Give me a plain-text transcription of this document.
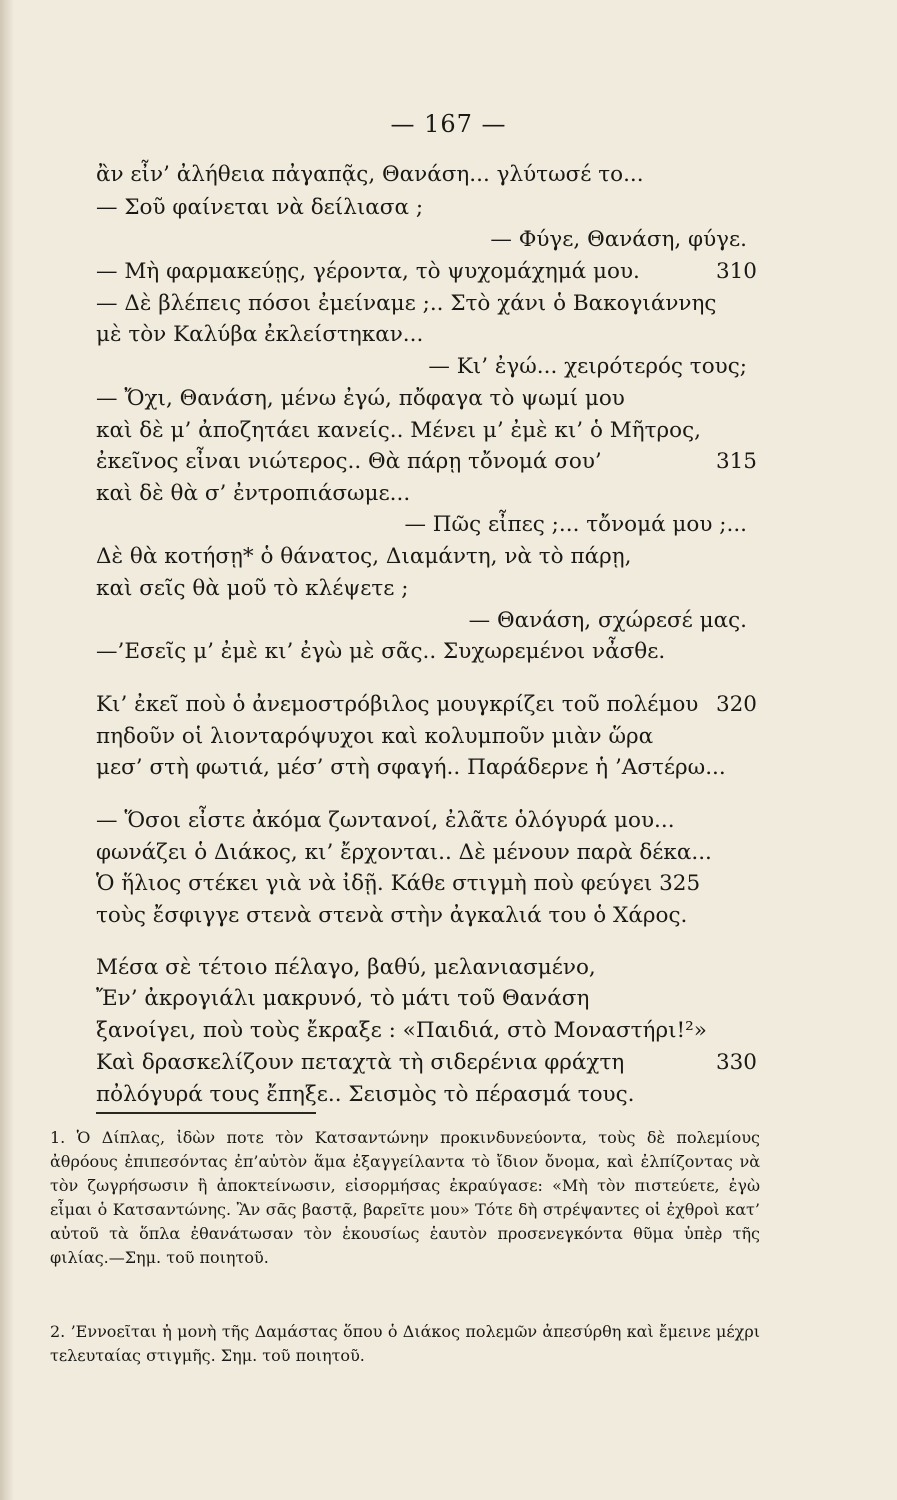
— 167 —
ἂν εἶν’ ἀλήθεια πἀγαπᾷς, Θανάση... γλύτωσέ το...
— Σοῦ φαίνεται νὰ δείλιασα ;
— Φύγε, Θανάση, φύγε.
— Μὴ φαρμακεύῃς, γέροντα, τὸ ψυχομάχημά μου.	310
— Δὲ βλέπεις πόσοι ἐμείναμε ;.. Στὸ χάνι ὁ Βακογιάννης
μὲ τὸν Καλύβα ἐκλείστηκαν...
— Κι’ ἐγώ... χειρότερός τους;
— Ὄχι, Θανάση, μένω ἐγώ, πὄφαγα τὸ ψωμί μου
καὶ δὲ μ’ ἀποζητάει κανείς.. Μένει μ’ ἐμὲ κι’ ὁ Μῆτρος,
ἐκεῖνος εἶναι νιώτερος.. Θὰ πάρῃ τὄνομά σου’	315
καὶ δὲ θὰ σ’ ἐντροπιάσωμε...
— Πῶς εἶπες ;... τὄνομά μου ;...
Δὲ θὰ κοτήσῃ* ὁ θάνατος, Διαμάντη, νὰ τὸ πάρῃ,
καὶ σεῖς θὰ μοῦ τὸ κλέψετε ;
— Θανάση, σχώρεσέ μας.
—’Εσεῖς μ’ ἐμὲ κι’ ἐγὼ μὲ σᾶς.. Συχωρεμένοι νἆσθε.
Κι’ ἐκεῖ ποὺ ὁ ἀνεμοστρόβιλος μουγκρίζει τοῦ πολέμου 320
πηδοῦν οἱ λιονταρόψυχοι καὶ κολυμποῦν μιὰν ὥρα
μεσ’ στὴ φωτιά, μέσ’ στὴ σφαγή.. Παράδερνε ἡ ’Αστέρω...
— Ὅσοι εἶστε ἀκόμα ζωντανοί, ἐλᾶτε ὁλόγυρά μου...
φωνάζει ὁ Διάκος, κι’ ἔρχονται.. Δὲ μένουν παρὰ δέκα...
Ὁ ἥλιος στέκει γιὰ νὰ ἰδῇ. Κάθε στιγμὴ ποὺ φεύγει 325
τοὺς ἔσφιγγε στενὰ στενὰ στὴν ἀγκαλιά του ὁ Χάρος.
Μέσα σὲ τέτοιο πέλαγο, βαθύ, μελανιασμένο,
Ἔν’ ἀκρογιάλι μακρυνό, τὸ μάτι τοῦ Θανάση
ξανοίγει, ποὺ τοὺς ἔκραξε : «Παιδιά, στὸ Μοναστήρι!²»
Καὶ δρασκελίζουν πεταχτὰ τὴ σιδερένια φράχτη	330
πὀλόγυρά τους ἔπηξε.. Σεισμὸς τὸ πέρασμά τους.
1. Ὁ Δίπλας, ἰδὼν ποτε τὸν Κατσαντώνην προκινδυνεύοντα, τοὺς δὲ πολεμίους ἀθρόους ἐπιπεσόντας ἐπ’αὐτὸν ἅμα ἐξαγγείλαντα τὸ ἴδιον ὄνομα, καὶ ἐλπίζοντας νὰ τὸν ζωγρήσωσιν ἢ ἀποκτείνωσιν, εἰσορμήσας ἐκραύγασε: «Μὴ τὸν πιστεύετε, ἐγὼ εἶμαι ὁ Κατσαντώνης. Ἂν σᾶς βαστᾷ, βαρεῖτε μου» Τότε δὴ στρέψαντες οἱ ἐχθροὶ κατ’ αὐτοῦ τὰ ὅπλα ἐθανάτωσαν τὸν ἑκουσίως ἑαυτὸν προσενεγκόντα θῦμα ὑπὲρ τῆς φιλίας.—Σημ. τοῦ ποιητοῦ.
2. ’Εννοεῖται ἡ μονὴ τῆς Δαμάστας ὅπου ὁ Διάκος πολεμῶν ἀπεσύρθη καὶ ἔμεινε μέχρι τελευταίας στιγμῆς. Σημ. τοῦ ποιητοῦ.
